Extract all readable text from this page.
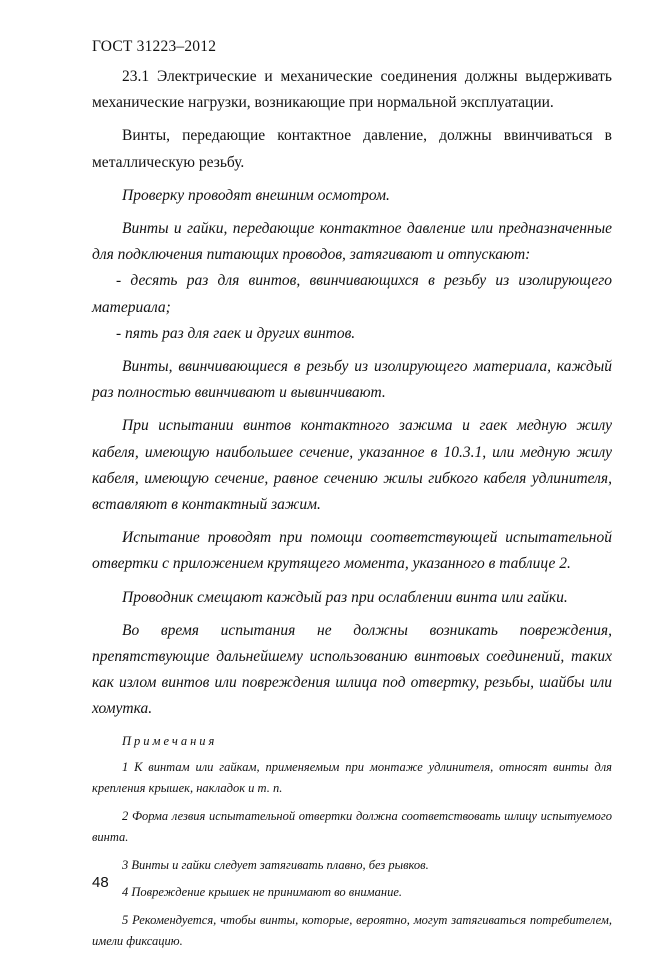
ГОСТ 31223–2012

23.1 Электрические и механические соединения должны выдерживать механические нагрузки, возникающие при нормальной эксплуатации.

Винты, передающие контактное давление, должны ввинчиваться в металлическую резьбу.

Проверку проводят внешним осмотром.

Винты и гайки, передающие контактное давление или предназначенные для подключения питающих проводов, затягивают и отпускают:

- десять раз для винтов, ввинчивающихся в резьбу из изолирующего материала;

- пять раз для гаек и других винтов.

Винты, ввинчивающиеся в резьбу из изолирующего материала, каждый раз полностью ввинчивают и вывинчивают.

При испытании винтов контактного зажима и гаек медную жилу кабеля, имеющую наибольшее сечение, указанное в 10.3.1, или медную жилу кабеля, имеющую сечение, равное сечению жилы гибкого кабеля удлинителя, вставляют в контактный зажим.

Испытание проводят при помощи соответствующей испытательной отвертки с приложением крутящего момента, указанного в таблице 2.

Проводник смещают каждый раз при ослаблении винта или гайки.

Во время испытания не должны возникать повреждения, препятствующие дальнейшему использованию винтовых соединений, таких как излом винтов или повреждения шлица под отвертку, резьбы, шайбы или хомутка.

Примечания

1 К винтам или гайкам, применяемым при монтаже удлинителя, относят винты для крепления крышек, накладок и т. п.

2 Форма лезвия испытательной отвертки должна соответствовать шлицу испытуемого винта.

3 Винты и гайки следует затягивать плавно, без рывков.

4 Повреждение крышек не принимают во внимание.

5 Рекомендуется, чтобы винты, которые, вероятно, могут затягиваться потребителем, имели фиксацию.

48
